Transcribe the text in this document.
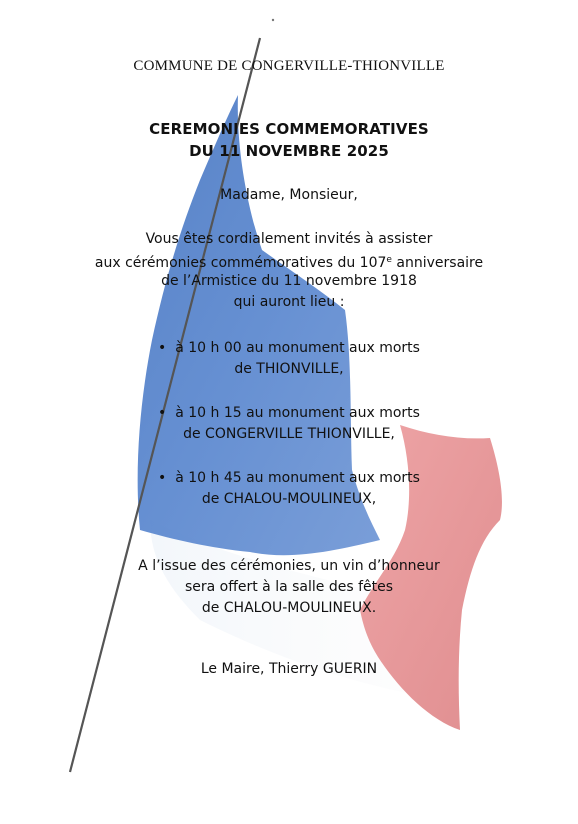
COMMUNE DE CONGERVILLE-THIONVILLE
CEREMONIES COMMEMORATIVES
DU 11 NOVEMBRE 2025
Madame, Monsieur,
Vous êtes cordialement invités à assister
aux cérémonies commémoratives du 107e anniversaire
de l’Armistice du 11 novembre 1918
qui auront lieu :
•  à 10 h 00 au monument aux morts
de THIONVILLE,
•  à 10 h 15 au monument aux morts
de CONGERVILLE THIONVILLE,
•  à 10 h 45 au monument aux morts
de CHALOU-MOULINEUX,
A l’issue des cérémonies, un vin d’honneur
sera offert à la salle des fêtes
de CHALOU-MOULINEUX.
Le Maire, Thierry GUERIN
